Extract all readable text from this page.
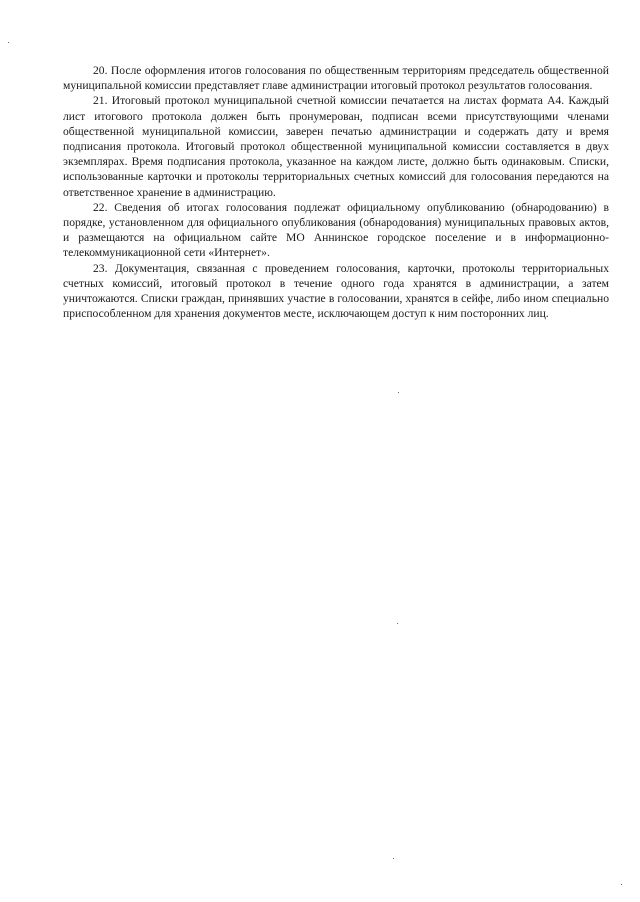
20. После оформления итогов голосования по общественным территориям председатель общественной муниципальной комиссии представляет главе администрации итоговый протокол результатов голосования.

21. Итоговый протокол муниципальной счетной комиссии печатается на листах формата А4. Каждый лист итогового протокола должен быть пронумерован, подписан всеми присутствующими членами общественной муниципальной комиссии, заверен печатью администрации и содержать дату и время подписания протокола. Итоговый протокол общественной муниципальной комиссии составляется в двух экземплярах. Время подписания протокола, указанное на каждом листе, должно быть одинаковым. Списки, использованные карточки и протоколы территориальных счетных комиссий для голосования передаются на ответственное хранение в администрацию.

22. Сведения об итогах голосования подлежат официальному опубликованию (обнародованию) в порядке, установленном для официального опубликования (обнародования) муниципальных правовых актов, и размещаются на официальном сайте МО Аннинское городское поселение и в информационно-телекоммуникационной сети «Интернет».

23. Документация, связанная с проведением голосования, карточки, протоколы территориальных счетных комиссий, итоговый протокол в течение одного года хранятся в администрации, а затем уничтожаются. Списки граждан, принявших участие в голосовании, хранятся в сейфе, либо ином специально приспособленном для хранения документов месте, исключающем доступ к ним посторонних лиц.
